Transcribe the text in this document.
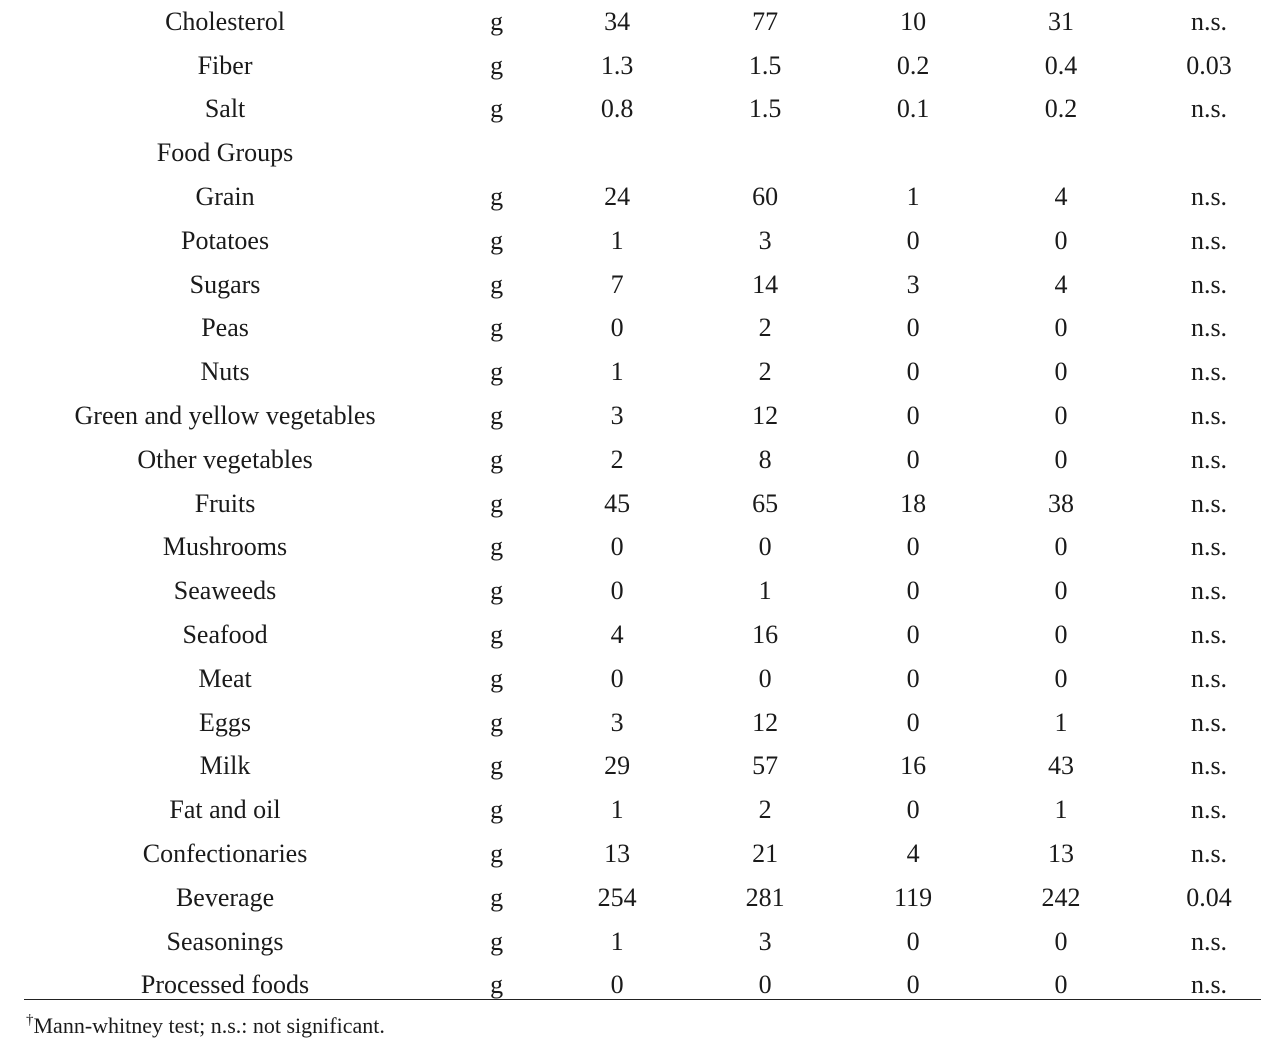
Cholesterol	g	34	77	10	31	n.s.
Fiber	g	1.3	1.5	0.2	0.4	0.03
Salt	g	0.8	1.5	0.1	0.2	n.s.
Food Groups						
Grain	g	24	60	1	4	n.s.
Potatoes	g	1	3	0	0	n.s.
Sugars	g	7	14	3	4	n.s.
Peas	g	0	2	0	0	n.s.
Nuts	g	1	2	0	0	n.s.
Green and yellow vegetables	g	3	12	0	0	n.s.
Other vegetables	g	2	8	0	0	n.s.
Fruits	g	45	65	18	38	n.s.
Mushrooms	g	0	0	0	0	n.s.
Seaweeds	g	0	1	0	0	n.s.
Seafood	g	4	16	0	0	n.s.
Meat	g	0	0	0	0	n.s.
Eggs	g	3	12	0	1	n.s.
Milk	g	29	57	16	43	n.s.
Fat and oil	g	1	2	0	1	n.s.
Confectionaries	g	13	21	4	13	n.s.
Beverage	g	254	281	119	242	0.04
Seasonings	g	1	3	0	0	n.s.
Processed foods	g	0	0	0	0	n.s.
†Mann-whitney test; n.s.: not significant.
